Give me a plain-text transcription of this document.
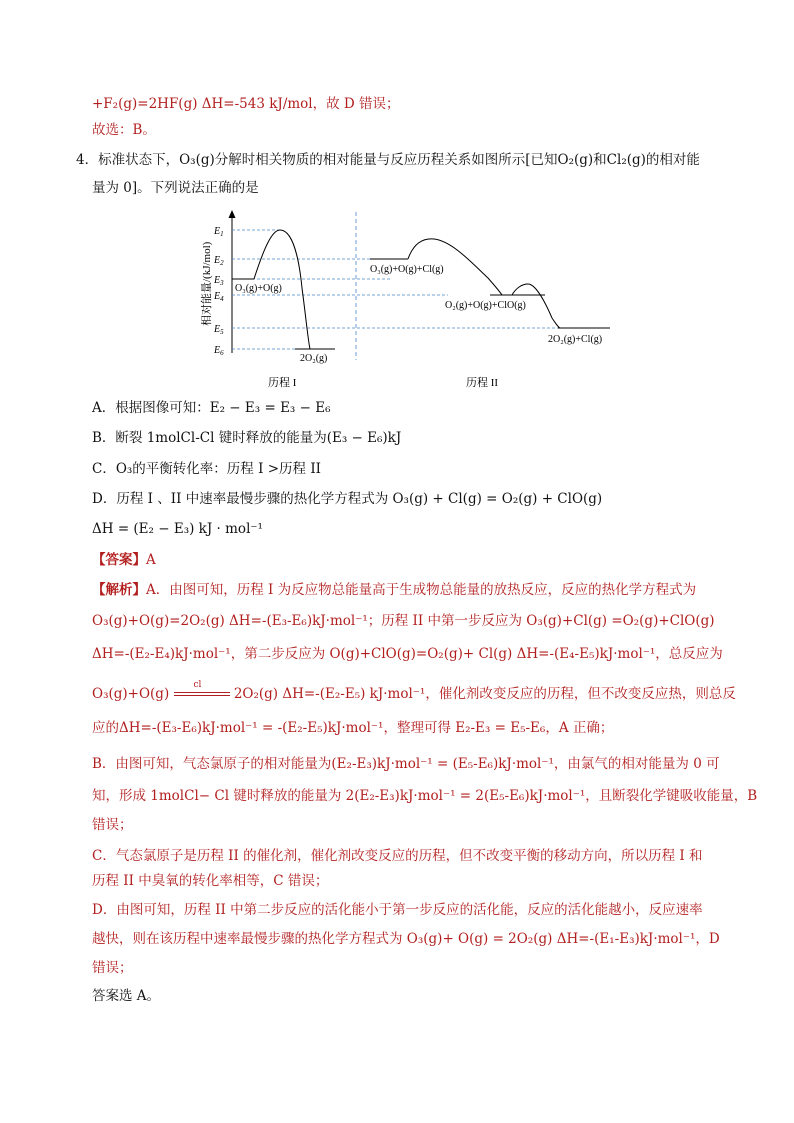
+F₂(g)=2HF(g) ΔH=-543 kJ/mol，故 D 错误；
故选：B。
4．标准状态下，O₃(g)分解时相关物质的相对能量与反应历程关系如图所示[已知O₂(g)和Cl₂(g)的相对能
量为 0]。下列说法正确的是
相对能量/(kJ/mol)
$E_1$
$E_2$
$E_3$
$E_4$
$E_5$
$E_6$
O₃(g)+O(g)
2O₂(g)
O₃(g)+O(g)+Cl(g)
O₂(g)+O(g)+ClO(g)
2O₂(g)+Cl(g)
历程 I	历程 II
A．根据图像可知：E₂ − E₃ = E₃ − E₆
B．断裂 1molCl-Cl 键时释放的能量为(E₃ − E₆)kJ
C．O₃的平衡转化率：历程 I >历程 II
D．历程 I 、II 中速率最慢步骤的热化学方程式为 O₃(g) + Cl(g) = O₂(g) + ClO(g)
ΔH = (E₂ − E₃) kJ · mol⁻¹
【答案】A
【解析】A．由图可知，历程 I 为反应物总能量高于生成物总能量的放热反应，反应的热化学方程式为
O₃(g)+O(g)=2O₂(g) ΔH=-(E₃-E₆)kJ·mol⁻¹；历程 II 中第一步反应为 O₃(g)+Cl(g) =O₂(g)+ClO(g)
ΔH=-(E₂-E₄)kJ·mol⁻¹，第二步反应为 O(g)+ClO(g)=O₂(g)+ Cl(g) ΔH=-(E₄-E₅)kJ·mol⁻¹，总反应为
O₃(g)+O(g)
cl
2O₂(g) ΔH=-(E₂-E₅) kJ·mol⁻¹，催化剂改变反应的历程，但不改变反应热，则总反
应的ΔH=-(E₃-E₆)kJ·mol⁻¹ = -(E₂-E₅)kJ·mol⁻¹，整理可得 E₂-E₃ = E₅-E₆，A 正确；
B．由图可知，气态氯原子的相对能量为(E₂-E₃)kJ·mol⁻¹ = (E₅-E₆)kJ·mol⁻¹，由氯气的相对能量为 0 可
知，形成 1molCl− Cl 键时释放的能量为 2(E₂-E₃)kJ·mol⁻¹ = 2(E₅-E₆)kJ·mol⁻¹，且断裂化学键吸收能量，B
错误；
C．气态氯原子是历程 II 的催化剂，催化剂改变反应的历程，但不改变平衡的移动方向，所以历程 I 和
历程 II 中臭氧的转化率相等，C 错误；
D．由图可知，历程 II 中第二步反应的活化能小于第一步反应的活化能，反应的活化能越小，反应速率
越快，则在该历程中速率最慢步骤的热化学方程式为 O₃(g)+ O(g) = 2O₂(g) ΔH=-(E₁-E₃)kJ·mol⁻¹，D
错误；
答案选 A。
